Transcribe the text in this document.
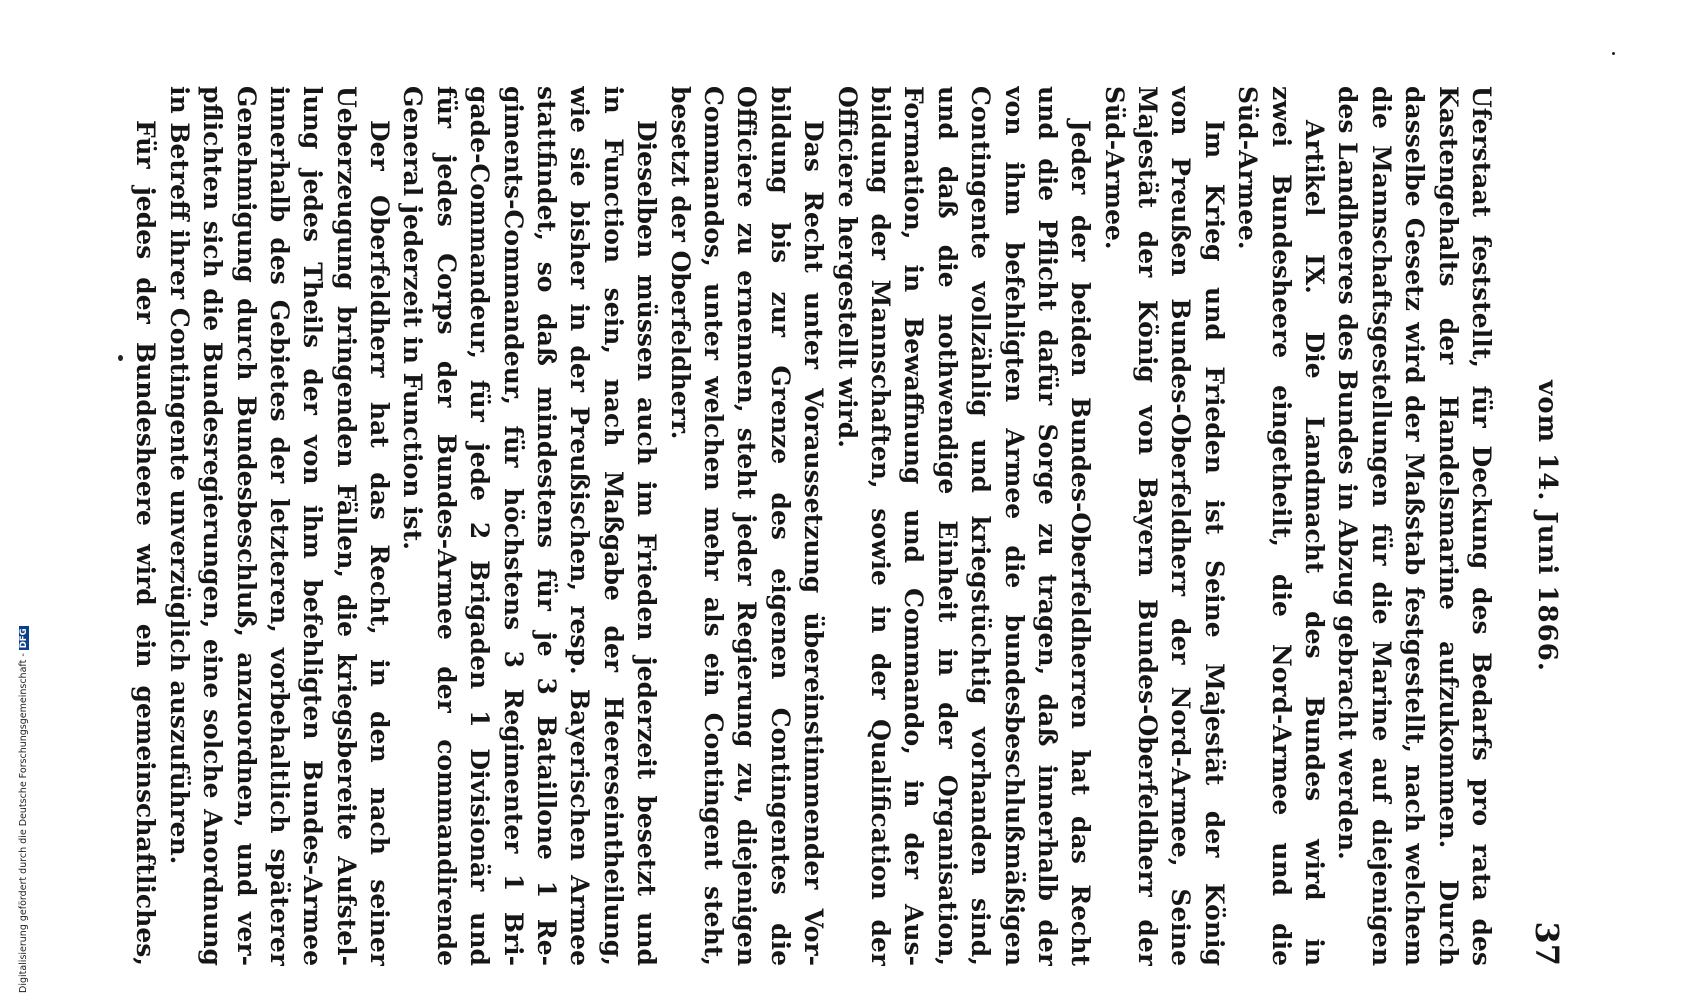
vom 14. Juni 1866.
37
Uferstaat feststellt, für Deckung des Bedarfs pro rata des
Kastengehalts der Handelsmarine aufzukommen. Durch
dasselbe Gesetz wird der Maßstab festgestellt, nach welchem
die Mannschaftsgestellungen für die Marine auf diejenigen
des Landheeres des Bundes in Abzug gebracht werden.
Artikel IX. Die Landmacht des Bundes wird in
zwei Bundesheere eingetheilt, die Nord-Armee und die
Süd-Armee.
Im Krieg und Frieden ist Seine Majestät der König
von Preußen Bundes-Oberfeldherr der Nord-Armee, Seine
Majestät der König von Bayern Bundes-Oberfeldherr der
Süd-Armee.
Jeder der beiden Bundes-Oberfeldherren hat das Recht
und die Pflicht dafür Sorge zu tragen, daß innerhalb der
von ihm befehligten Armee die bundesbeschlußmäßigen
Contingente vollzählig und kriegstüchtig vorhanden sind,
und daß die nothwendige Einheit in der Organisation,
Formation, in Bewaffnung und Commando, in der Aus-
bildung der Mannschaften, sowie in der Qualification der
Officiere hergestellt wird.
Das Recht unter Voraussetzung übereinstimmender Vor-
bildung bis zur Grenze des eigenen Contingentes die
Officiere zu ernennen, steht jeder Regierung zu, diejenigen
Commandos, unter welchen mehr als ein Contingent steht,
besetzt der Oberfeldherr.
Dieselben müssen auch im Frieden jederzeit besetzt und
in Function sein, nach Maßgabe der Heereseintheilung,
wie sie bisher in der Preußischen, resp. Bayerischen Armee
stattfindet, so daß mindestens für je 3 Bataillone 1 Re-
giments-Commandeur, für höchstens 3 Regimenter 1 Bri-
gade-Commandeur, für jede 2 Brigaden 1 Divisionär und
für jedes Corps der Bundes-Armee der commandirende
General jederzeit in Function ist.
Der Oberfeldherr hat das Recht, in den nach seiner
Ueberzeugung bringenden Fällen, die kriegsbereite Aufstel-
lung jedes Theils der von ihm befehligten Bundes-Armee
innerhalb des Gebietes der letzteren, vorbehaltlich späterer
Genehmigung durch Bundesbeschluß, anzuordnen, und ver-
pflichten sich die Bundesregierungen, eine solche Anordnung
in Betreff ihrer Contingente unverzüglich auszuführen.
Für jedes der Bundesheere wird ein gemeinschaftliches,
Digitalisierung gefördert durch die Deutsche Forschungsgemeinschaft -DFG
